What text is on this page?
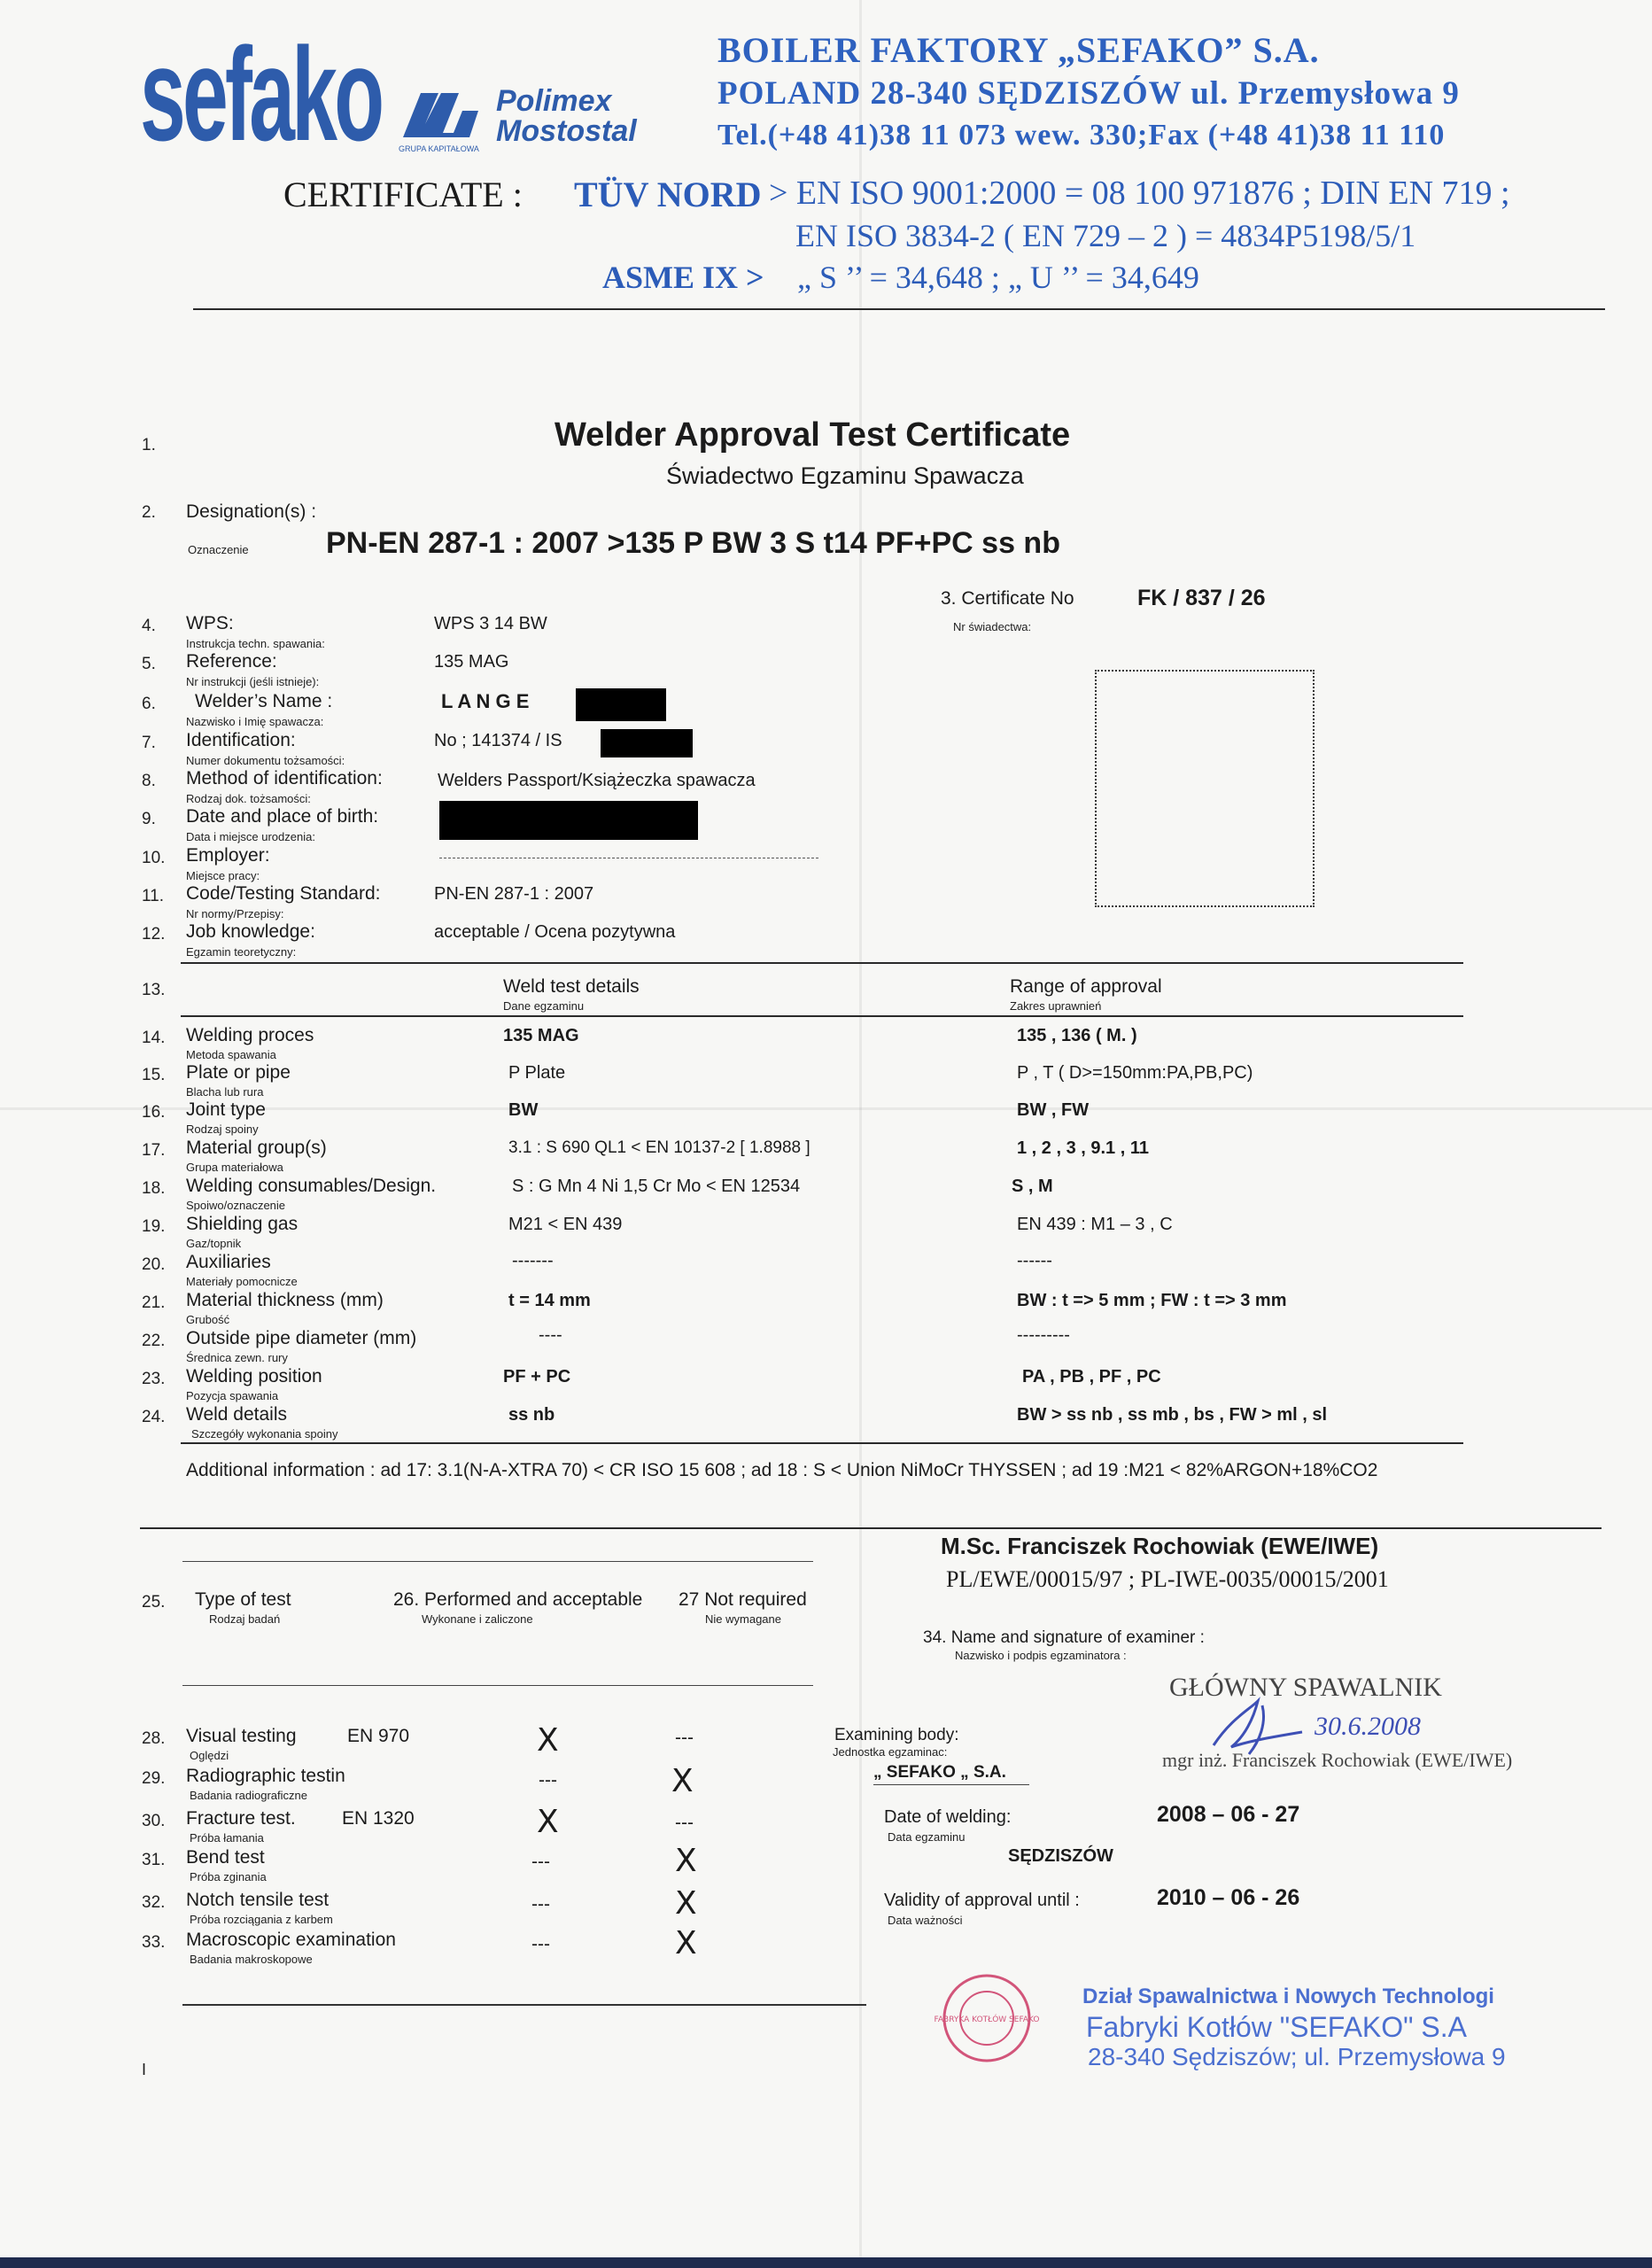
sefako	Polimex
Mostostal
GRUPA KAPITAŁOWA
BOILER FAKTORY „SEFAKO” S.A.
POLAND 28-340 SĘDZISZÓW ul. Przemysłowa 9
Tel.(+48 41)38 11 073 wew. 330;Fax (+48 41)38 11 110
CERTIFICATE : TÜV NORD > EN ISO 9001:2000 = 08 100 971876 ; DIN EN 719 ;
EN ISO 3834-2 ( EN 729 – 2 ) = 4834P5198/5/1
ASME IX > „ S ’’ = 34,648 ; „ U ’’ = 34,649
1.	Welder Approval Test Certificate
Świadectwo Egzaminu Spawacza
2. Designation(s) :
Oznaczenie	PN-EN 287-1 : 2007 >135 P BW 3 S t14 PF+PC ss nb
3. Certificate No
Nr świadectwa:
FK / 837 / 26
4. WPS:
Instrukcja techn. spawania:
WPS 3 14 BW
5. Reference:
Nr instrukcji (jeśli istnieje):
135 MAG
6. Welder’s Name :
Nazwisko i Imię spawacza:
L A N G E
7. Identification:
Numer dokumentu tożsamości:
No ; 141374 / IS
8. Method of identification:
Rodzaj dok. tożsamości:
Welders Passport/Książeczka spawacza
9. Date and place of birth:
Data i miejsce urodzenia:
10. Employer:
Miejsce pracy:
11. Code/Testing Standard:
Nr normy/Przepisy:
PN-EN 287-1 : 2007
12. Job knowledge:
Egzamin teoretyczny:
acceptable / Ocena pozytywna
13.	Weld test details
Dane egzaminu
Range of approval
Zakres uprawnień
14. Welding proces
Metoda spawania
135 MAG	135 , 136 ( M. )
15. Plate or pipe
Blacha lub rura
P Plate	P , T ( D>=150mm:PA,PB,PC)
16. Joint type
Rodzaj spoiny
BW	BW , FW
17. Material group(s)
Grupa materiałowa
3.1 : S 690 QL1 < EN 10137-2 [ 1.8988 ]	1 , 2 , 3 , 9.1 , 11
18. Welding consumables/Design.
Spoiwo/oznaczenie
S : G Mn 4 Ni 1,5 Cr Mo < EN 12534	S , M
19. Shielding gas
Gaz/topnik
M21 < EN 439	EN 439 : M1 – 3 , C
20. Auxiliaries
Materiały pomocnicze
-------	------
21. Material thickness (mm)
Grubość
t = 14 mm	BW : t => 5 mm ; FW : t => 3 mm
22. Outside pipe diameter (mm)
Średnica zewn. rury
----	---------
23. Welding position
Pozycja spawania
PF + PC	PA , PB , PF , PC
24. Weld details
Szczegóły wykonania spoiny
ss nb	BW > ss nb , ss mb , bs , FW > ml , sl
Additional information : ad 17: 3.1(N-A-XTRA 70) < CR ISO 15 608 ; ad 18 : S < Union NiMoCr THYSSEN ; ad 19 :M21 < 82%ARGON+18%CO2
M.Sc. Franciszek Rochowiak (EWE/IWE)
PL/EWE/00015/97 ; PL-IWE-0035/00015/2001
34. Name and signature of examiner :
Nazwisko i podpis egzaminatora :
GŁÓWNY SPAWALNIK
30.6.2008
mgr inż. Franciszek Rochowiak (EWE/IWE)
25. Type of test
Rodzaj badań
26. Performed and acceptable
Wykonane i zaliczone
27 Not required
Nie wymagane
28. Visual testing	EN 970
Oględzi	X	---
29. Radiographic testin
Badania radiograficzne
---	X
30. Fracture test. EN 1320
Próba łamania	X	---
31. Bend test
Próba zginania
---	X
32. Notch tensile test
Próba rozciągania z karbem
---	X
33. Macroscopic examination
Badania makroskopowe
---	X
Examining body:
Jednostka egzaminac:
„ SEFAKO „ S.A.
Date of welding:
Data egzaminu
2008 – 06 - 27
SĘDZISZÓW
Validity of approval until :
Data ważności
2010 – 06 - 26
FABRYKA KOTŁÓW SEFAKO
Dział Spawalnictwa i Nowych Technologi
Fabryki Kotłów "SEFAKO" S.A
28-340 Sędziszów; ul. Przemysłowa 9
I
